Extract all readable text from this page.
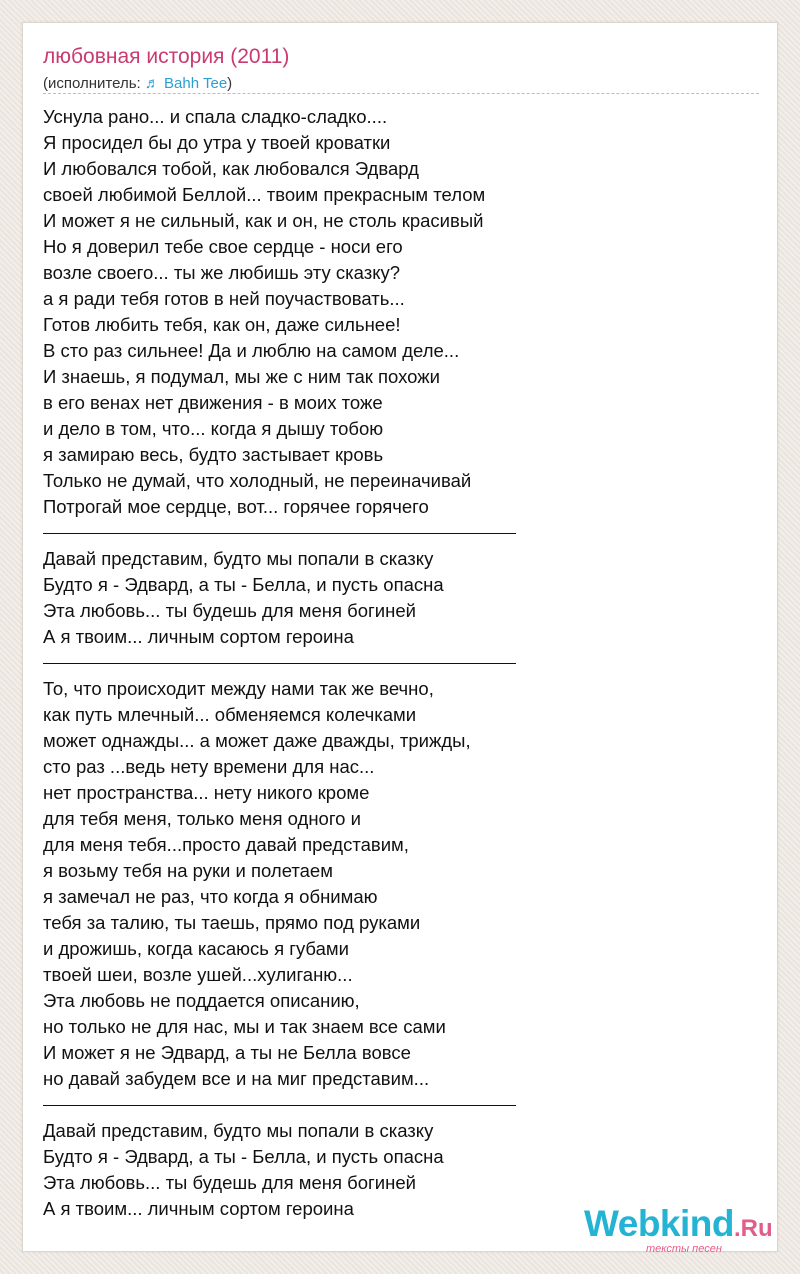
любовная история (2011)
(исполнитель: ♬ Bahh Tee)
Уснула рано... и спала сладко-сладко....
Я просидел бы до утра у твоей кроватки
И любовался тобой, как любовался Эдвард
своей любимой Беллой... твоим прекрасным телом
И может я не сильный, как и он, не столь красивый
Но я доверил тебе свое сердце - носи его
возле своего... ты же любишь эту сказку?
а я ради тебя готов в ней поучаствовать...
Готов любить тебя, как он, даже сильнее!
В сто раз сильнее! Да и люблю на самом деле...
И знаешь, я подумал, мы же с ним так похожи
в его венах нет движения - в моих тоже
и дело в том, что... когда я дышу тобою
я замираю весь, будто застывает кровь
Только не думай, что холодный, не переиначивай
Потрогай мое сердце, вот... горячее горячего
Давай представим, будто мы попали в сказку
Будто я - Эдвард, а ты - Белла, и пусть опасна
Эта любовь... ты будешь для меня богиней
А я твоим... личным сортом героина
То, что происходит между нами так же вечно,
как путь млечный... обменяемся колечками
может однажды... а может даже дважды, трижды,
сто раз ...ведь нету времени для нас...
нет пространства... нету никого кроме
для тебя меня, только меня одного и
для меня тебя...просто давай представим,
я возьму тебя на руки и полетаем
я замечал не раз, что когда я обнимаю
тебя за талию, ты таешь, прямо под руками
и дрожишь, когда касаюсь я губами
твоей шеи, возле ушей...хулиганю...
Эта любовь не поддается описанию,
но только не для нас, мы и так знаем все сами
И может я не Эдвард, а ты не Белла вовсе
но давай забудем все и на миг представим...
Давай представим, будто мы попали в сказку
Будто я - Эдвард, а ты - Белла, и пусть опасна
Эта любовь... ты будешь для меня богиней
А я твоим... личным сортом героина	Webkind.Ru
тексты песен
